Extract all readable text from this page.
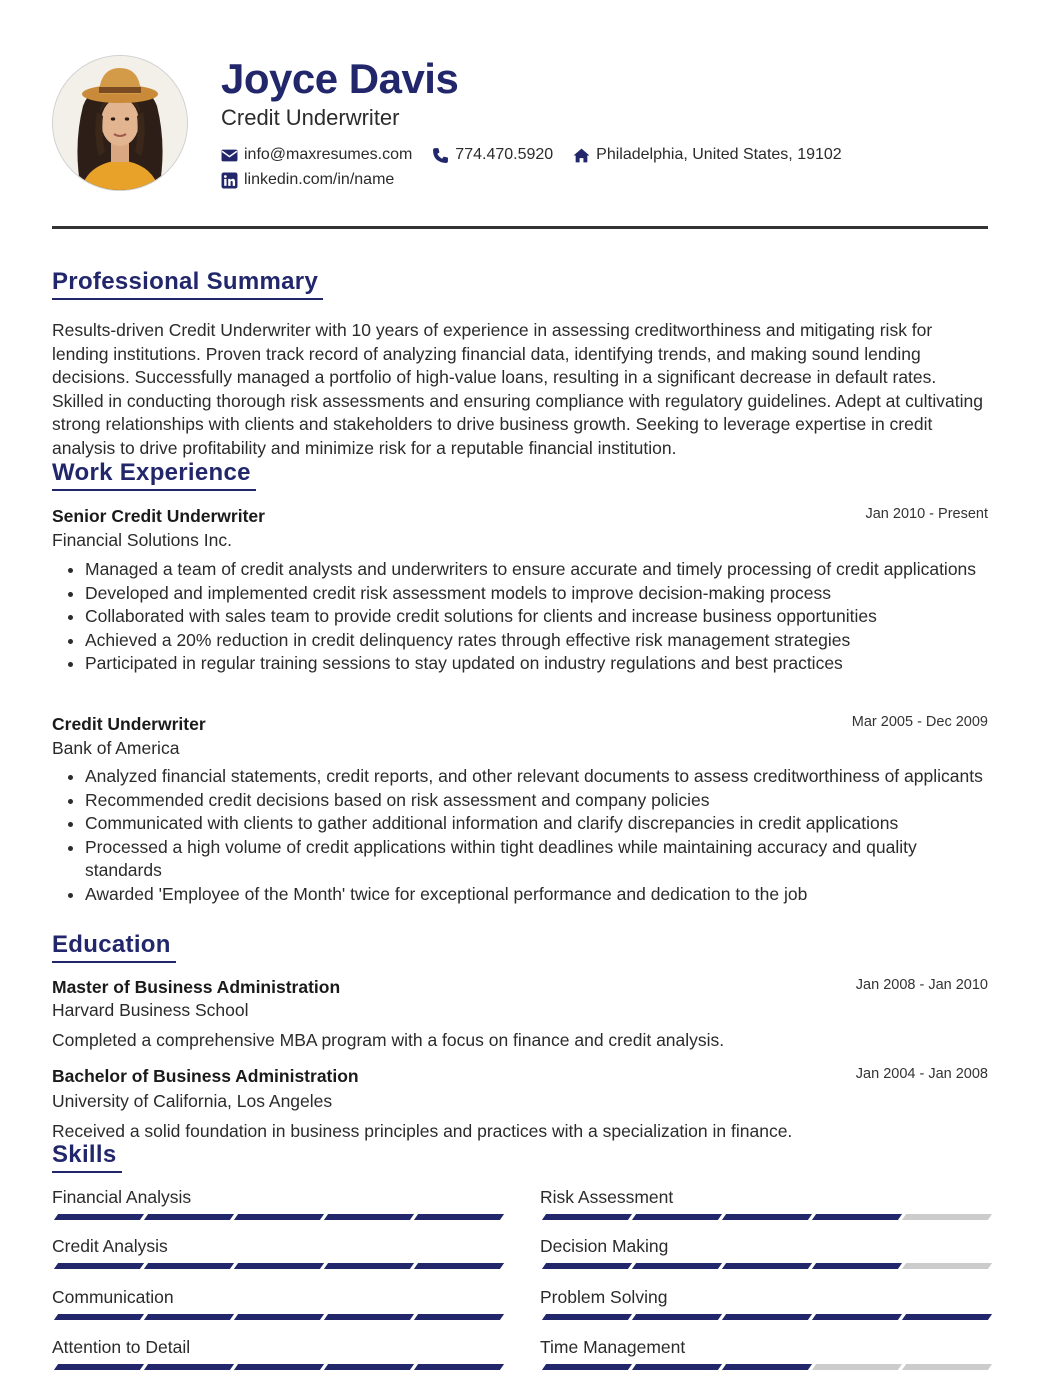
Joyce Davis
Credit Underwriter
info@maxresumes.com	774.470.5920	Philadelphia, United States, 19102
linkedin.com/in/name
Professional Summary

Results-driven Credit Underwriter with 10 years of experience in assessing creditworthiness and mitigating risk for lending institutions. Proven track record of analyzing financial data, identifying trends, and making sound lending decisions. Successfully managed a portfolio of high-value loans, resulting in a significant decrease in default rates. Skilled in conducting thorough risk assessments and ensuring compliance with regulatory guidelines. Adept at cultivating strong relationships with clients and stakeholders to drive business growth. Seeking to leverage expertise in credit analysis to drive profitability and minimize risk for a reputable financial institution.

Work Experience
Senior Credit Underwriter	Jan 2010 - Present
Financial Solutions Inc.
• Managed a team of credit analysts and underwriters to ensure accurate and timely processing of credit applications
• Developed and implemented credit risk assessment models to improve decision-making process
• Collaborated with sales team to provide credit solutions for clients and increase business opportunities
• Achieved a 20% reduction in credit delinquency rates through effective risk management strategies
• Participated in regular training sessions to stay updated on industry regulations and best practices
Credit Underwriter	Mar 2005 - Dec 2009
Bank of America
• Analyzed financial statements, credit reports, and other relevant documents to assess creditworthiness of applicants
• Recommended credit decisions based on risk assessment and company policies
• Communicated with clients to gather additional information and clarify discrepancies in credit applications
• Processed a high volume of credit applications within tight deadlines while maintaining accuracy and quality standards
• Awarded 'Employee of the Month' twice for exceptional performance and dedication to the job
Education
Master of Business Administration	Jan 2008 - Jan 2010
Harvard Business School

Completed a comprehensive MBA program with a focus on finance and credit analysis.

Bachelor of Business Administration	Jan 2004 - Jan 2008
University of California, Los Angeles

Received a solid foundation in business principles and practices with a specialization in finance.

Skills
Financial Analysis	Risk Assessment
Credit Analysis	Decision Making
Communication	Problem Solving
Attention to Detail	Time Management
